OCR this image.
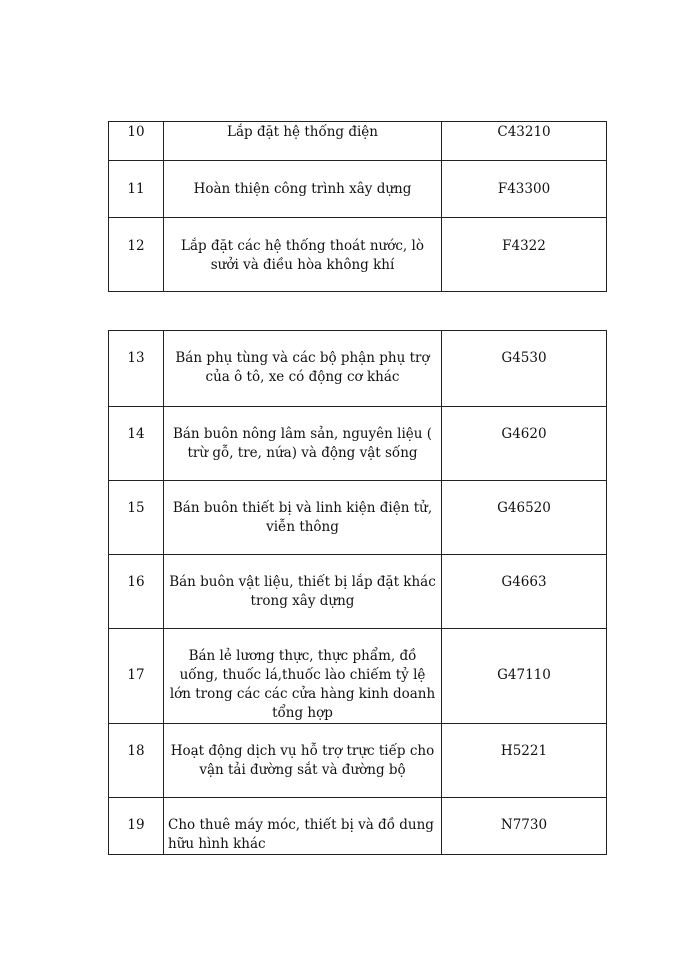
10	Lắp đặt hệ thống điện	C43210
11	Hoàn thiện công trình xây dựng	F43300
12	Lắp đặt các hệ thống thoát nước, lò sưởi và điều hòa không khí	F4322
13	Bán phụ tùng và các bộ phận phụ trợ của ô tô, xe có động cơ khác	G4530
14	Bán buôn nông lâm sản, nguyên liệu ( trừ gỗ, tre, nứa) và động vật sống	G4620
15	Bán buôn thiết bị và linh kiện điện tử, viễn thông	G46520
16	Bán buôn vật liệu, thiết bị lắp đặt khác trong xây dựng	G4663
17	Bán lẻ lương thực, thực phẩm, đồ uống, thuốc lá,thuốc lào chiếm tỷ lệ lớn trong các các cửa hàng kinh doanh tổng hợp	G47110
18	Hoạt động dịch vụ hỗ trợ trực tiếp cho vận tải đường sắt và đường bộ	H5221
19	Cho thuê máy móc, thiết bị và đồ dung hữu hình khác	N7730
